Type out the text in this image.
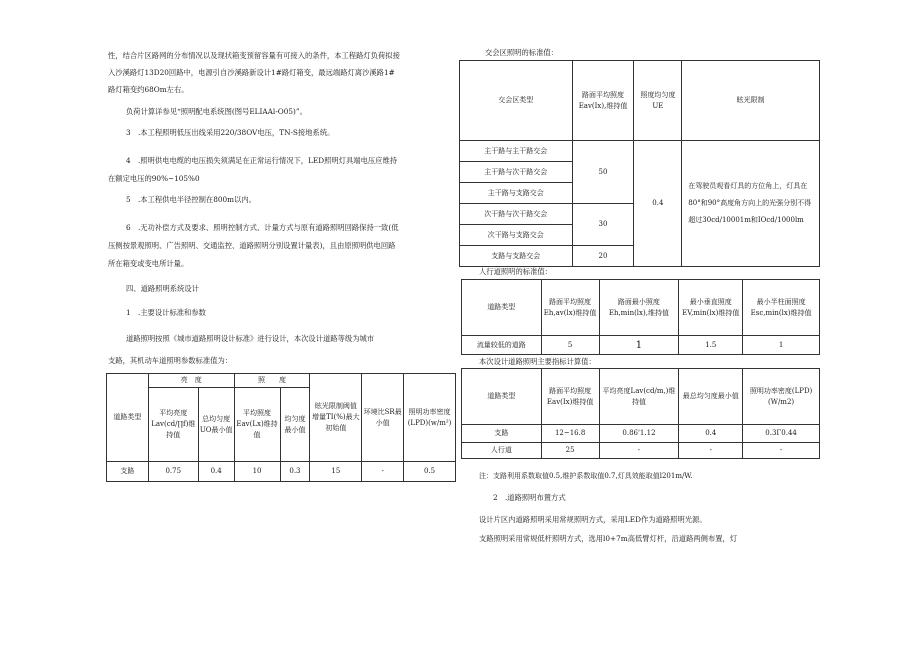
性，结合片区路网的分布情况以及现状箱变预留容量有可接入的条件，本工程路灯负荷拟接

入沙溪路灯13D20回路中，电源引自沙溪路新设计1#路灯箱变，最远端路灯离沙溪路1#

路灯箱变约68Om左右。

负荷计算详参见“照明配电系统图(图号ELIAAl-O05)”。

3　.本工程照明低压出线采用220/38OV电压，TN-S接地系统。

4　.照明供电电缆的电压损失须满足在正常运行情况下，LED照明灯具端电压应维持

在额定电压的90%~105%0

5　.本工程供电半径控制在800m以内。

6　.无功补偿方式及要求、照明控制方式、计量方式与原有道路照明回路保持一致(低

压侧按景观照明、广告照明、交通监控、道路照明分别设置计量表)，且由原照明供电回路

所在箱变或变电所计量。

四、道路照明系统设计

1　.主要设计标准和参数

道路照明按照《城市道路照明设计标准》进行设计，本次设计道路等级为城市

支路，其机动车道照明参数标准值为：

道路类型	亮　度		照　　度		眩光限制阈值增量TI(%)最大初始值	环境比SR最小值	照明功率密度(LPD)(w/m²)
	平均亮度Lav(cd/∏f)维持值	总均匀度UO最小值	平均照度Eav(Lx)维持值	均匀度最小值			
支路	0.75	0.4	10	0.3	15	-	0.5

交会区照明的标准值：

交会区类型	路面平均照度Eav(Ix),维持值	照度均匀度UE	眩光限制
主干路与主干路交会	50	0.4	在驾驶员观看灯具的方位角上，灯具在80°和90°高度角方向上的光强分别不得超过30cd/10001m和IOcd/1000lm
主干路与次干路交会			
主干路与支路交会			
次干路与次干路交会	30		
次干路与支路交会			
支路与支路交会	20		

人行道照明的标准值：

道路类型	路面平均照度Eh,av(lx)维持值	路面最小照度Eh,min(lx),维持值	最小垂直照度EV,min(lx)维持值	最小半柱面照度Esc,min(lx)维持值
流量较低的道路	5	1	1.5	1

本次设计道路照明主要指标计算值：

道路类型	路面平均照度Eav(Ix)维持值	平均亮度Lav(cd/m,)维持值	最总均匀度最小值	照明功率密度(LPD)(W/m2)
支路	12~16.8	0.86'1.12	0.4	0.3Γ0.44
人行道	25	-	-	-

注：支路利用系数取值0.5,维护系数取值0.7,灯具效能取值l201m/W.

2　.道路照明布置方式

设计片区内道路照明采用常规照明方式，采用LED作为道路照明光源。

支路照明采用常规低杆照明方式，选用l0+7m高低臂灯杆，沿道路两侧布置，灯
